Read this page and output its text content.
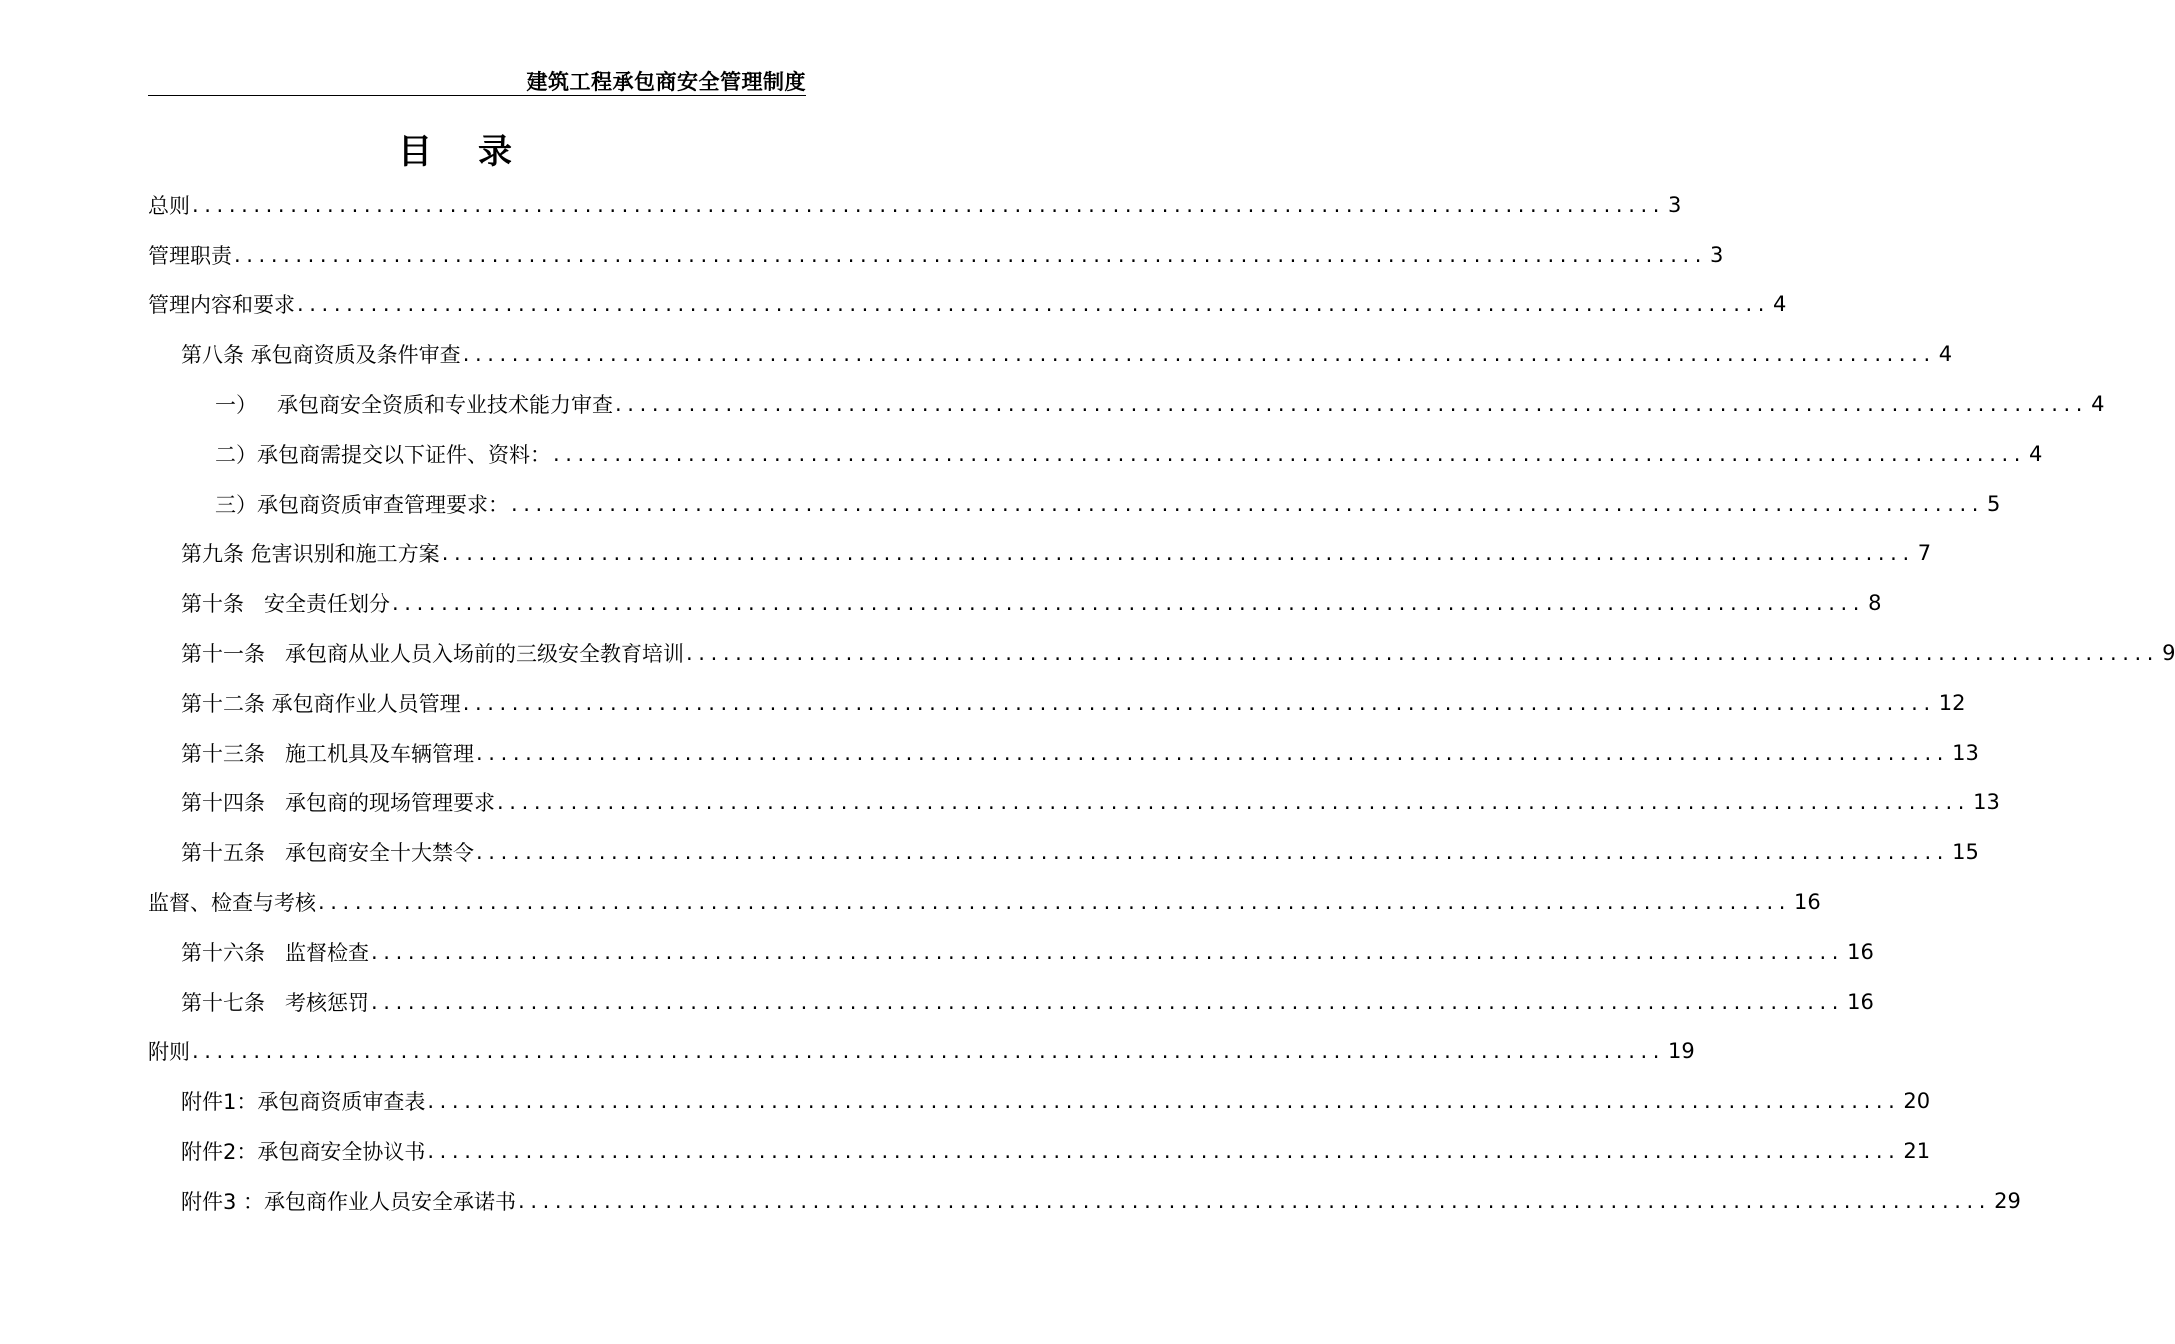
建筑工程承包商安全管理制度
目录
总则 ........................................................................................................................ 3
管理职责 ........................................................................................................................ 3
管理内容和要求 ........................................................................................................................ 4
第八条 承包商资质及条件审查 ........................................................................................................................ 4
一）   承包商安全资质和专业技术能力审查 ........................................................................................................................ 4
二）承包商需提交以下证件、资料： ........................................................................................................................ 4
三）承包商资质审查管理要求： ........................................................................................................................ 5
第九条 危害识别和施工方案 ........................................................................................................................ 7
第十条   安全责任划分 ........................................................................................................................ 8
第十一条   承包商从业人员入场前的三级安全教育培训 ........................................................................................................................ 9
第十二条 承包商作业人员管理 ........................................................................................................................ 12
第十三条   施工机具及车辆管理 ........................................................................................................................ 13
第十四条   承包商的现场管理要求 ........................................................................................................................ 13
第十五条   承包商安全十大禁令 ........................................................................................................................ 15
监督、检查与考核 ........................................................................................................................ 16
第十六条   监督检查 ........................................................................................................................ 16
第十七条   考核惩罚 ........................................................................................................................ 16
附则 ........................................................................................................................ 19
附件1：承包商资质审查表 ........................................................................................................................ 20
附件2：承包商安全协议书 ........................................................................................................................ 21
附件3 ：承包商作业人员安全承诺书 ........................................................................................................................ 29
